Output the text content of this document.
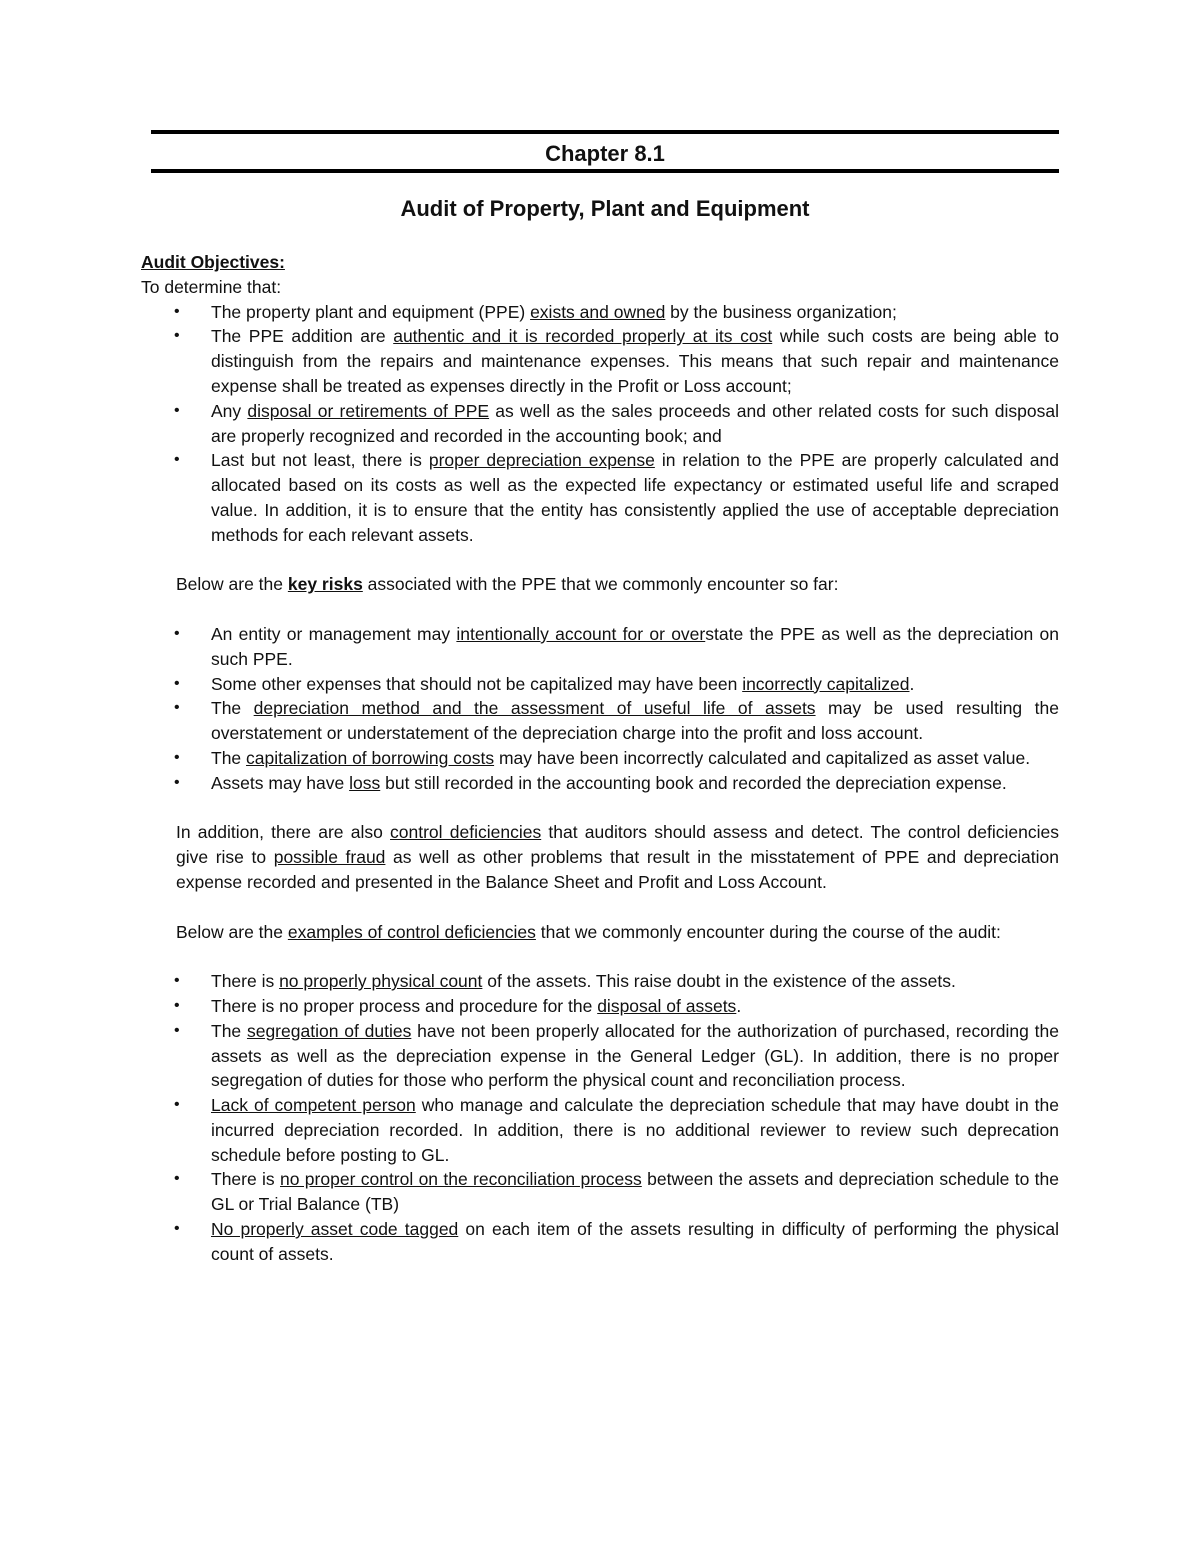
Chapter 8.1
Audit of Property, Plant and Equipment

Audit Objectives:

To determine that:

• The property plant and equipment (PPE) exists and owned by the business organization;
• The PPE addition are authentic and it is recorded properly at its cost while such costs are being able to distinguish from the repairs and maintenance expenses. This means that such repair and maintenance expense shall be treated as expenses directly in the Profit or Loss account;
• Any disposal or retirements of PPE as well as the sales proceeds and other related costs for such disposal are properly recognized and recorded in the accounting book; and
• Last but not least, there is proper depreciation expense in relation to the PPE are properly calculated and allocated based on its costs as well as the expected life expectancy or estimated useful life and scraped value. In addition, it is to ensure that the entity has consistently applied the use of acceptable depreciation methods for each relevant assets.

Below are the key risks associated with the PPE that we commonly encounter so far:

• An entity or management may intentionally account for or overstate the PPE as well as the depreciation on such PPE.
• Some other expenses that should not be capitalized may have been incorrectly capitalized.
• The depreciation method and the assessment of useful life of assets may be used resulting the overstatement or understatement of the depreciation charge into the profit and loss account.
• The capitalization of borrowing costs may have been incorrectly calculated and capitalized as asset value.
• Assets may have loss but still recorded in the accounting book and recorded the depreciation expense.

In addition, there are also control deficiencies that auditors should assess and detect. The control deficiencies give rise to possible fraud as well as other problems that result in the misstatement of PPE and depreciation expense recorded and presented in the Balance Sheet and Profit and Loss Account.

Below are the examples of control deficiencies that we commonly encounter during the course of the audit:

• There is no properly physical count of the assets. This raise doubt in the existence of the assets.
• There is no proper process and procedure for the disposal of assets.
• The segregation of duties have not been properly allocated for the authorization of purchased, recording the assets as well as the depreciation expense in the General Ledger (GL). In addition, there is no proper segregation of duties for those who perform the physical count and reconciliation process.
• Lack of competent person who manage and calculate the depreciation schedule that may have doubt in the incurred depreciation recorded. In addition, there is no additional reviewer to review such deprecation schedule before posting to GL.
• There is no proper control on the reconciliation process between the assets and depreciation schedule to the GL or Trial Balance (TB)
• No properly asset code tagged on each item of the assets resulting in difficulty of performing the physical count of assets.
